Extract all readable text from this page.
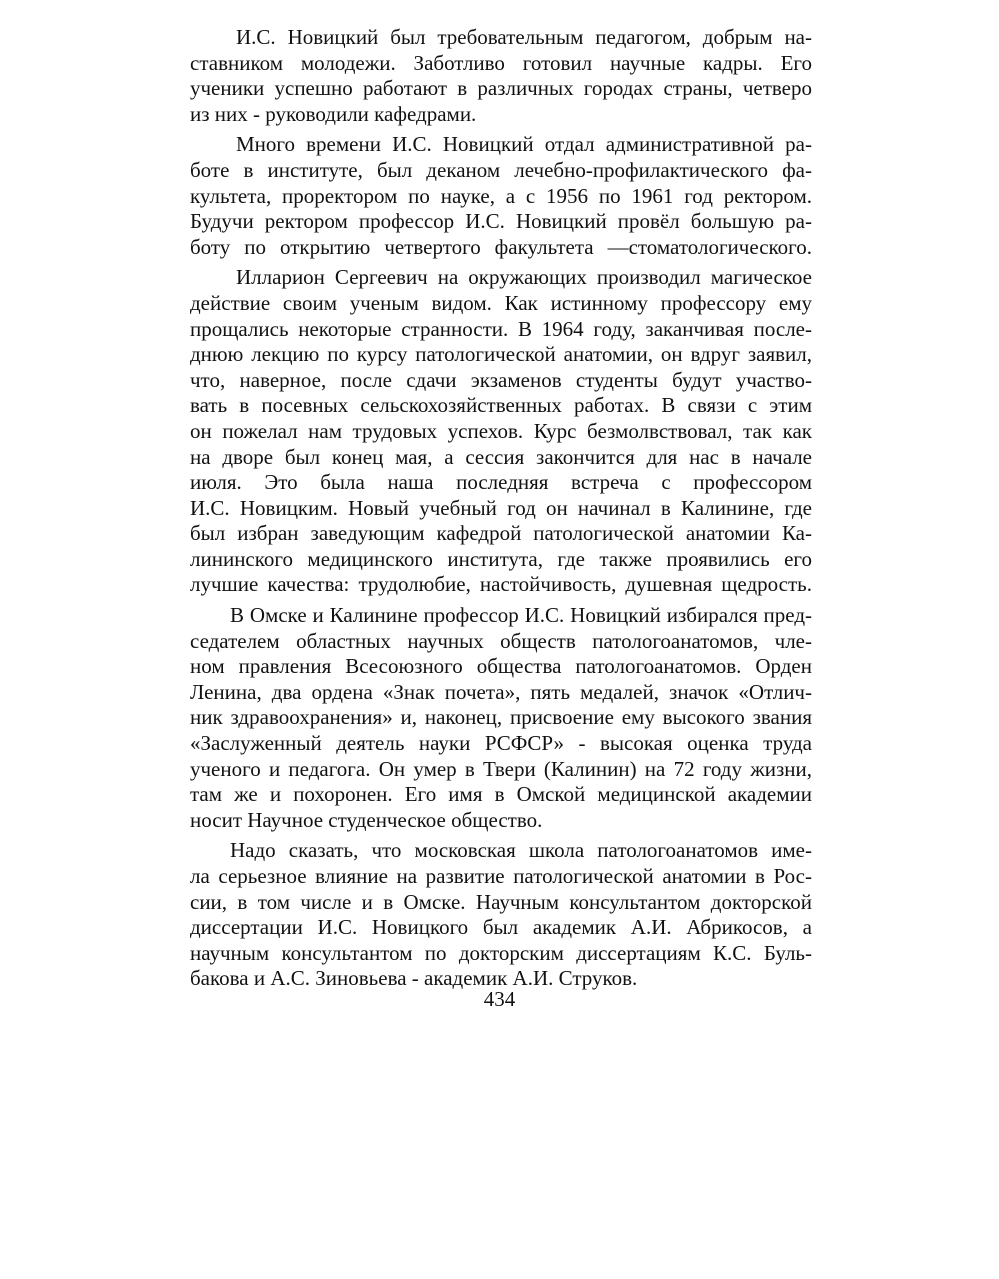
И.С. Новицкий был требовательным педагогом, добрым на-
ставником молодежи. Заботливо готовил научные кадры. Его
ученики успешно работают в различных городах страны, четверо
из них - руководили кафедрами.
Много времени И.С. Новицкий отдал административной ра-
боте в институте, был деканом лечебно-профилактического фа-
культета, проректором по науке, а с 1956 по 1961 год ректором.
Будучи ректором профессор И.С. Новицкий провёл большую ра-
боту по открытию четвертого факультета —стоматологического.
Илларион Сергеевич на окружающих производил магическое
действие своим ученым видом. Как истинному профессору ему
прощались некоторые странности. В 1964 году, заканчивая после-
днюю лекцию по курсу патологической анатомии, он вдруг заявил,
что, наверное, после сдачи экзаменов студенты будут участво-
вать в посевных сельскохозяйственных работах. В связи с этим
он пожелал нам трудовых успехов. Курс безмолвствовал, так как
на дворе был конец мая, а сессия закончится для нас в начале
июля. Это была наша последняя встреча с профессором
И.С. Новицким. Новый учебный год он начинал в Калинине, где
был избран заведующим кафедрой патологической анатомии Ка-
лининского медицинского института, где также проявились его
лучшие качества: трудолюбие, настойчивость, душевная щедрость.
В Омске и Калинине профессор И.С. Новицкий избирался пред-
седателем областных научных обществ патологоанатомов, чле-
ном правления Всесоюзного общества патологоанатомов. Орден
Ленина, два ордена «Знак почета», пять медалей, значок «Отлич-
ник здравоохранения» и, наконец, присвоение ему высокого звания
«Заслуженный деятель науки РСФСР» - высокая оценка труда
ученого и педагога. Он умер в Твери (Калинин) на 72 году жизни,
там же и похоронен. Его имя в Омской медицинской академии
носит Научное студенческое общество.
Надо сказать, что московская школа патологоанатомов име-
ла серьезное влияние на развитие патологической анатомии в Рос-
сии, в том числе и в Омске. Научным консультантом докторской
диссертации И.С. Новицкого был академик А.И. Абрикосов, а
научным консультантом по докторским диссертациям К.С. Буль-
бакова и А.С. Зиновьева - академик А.И. Струков.
434
